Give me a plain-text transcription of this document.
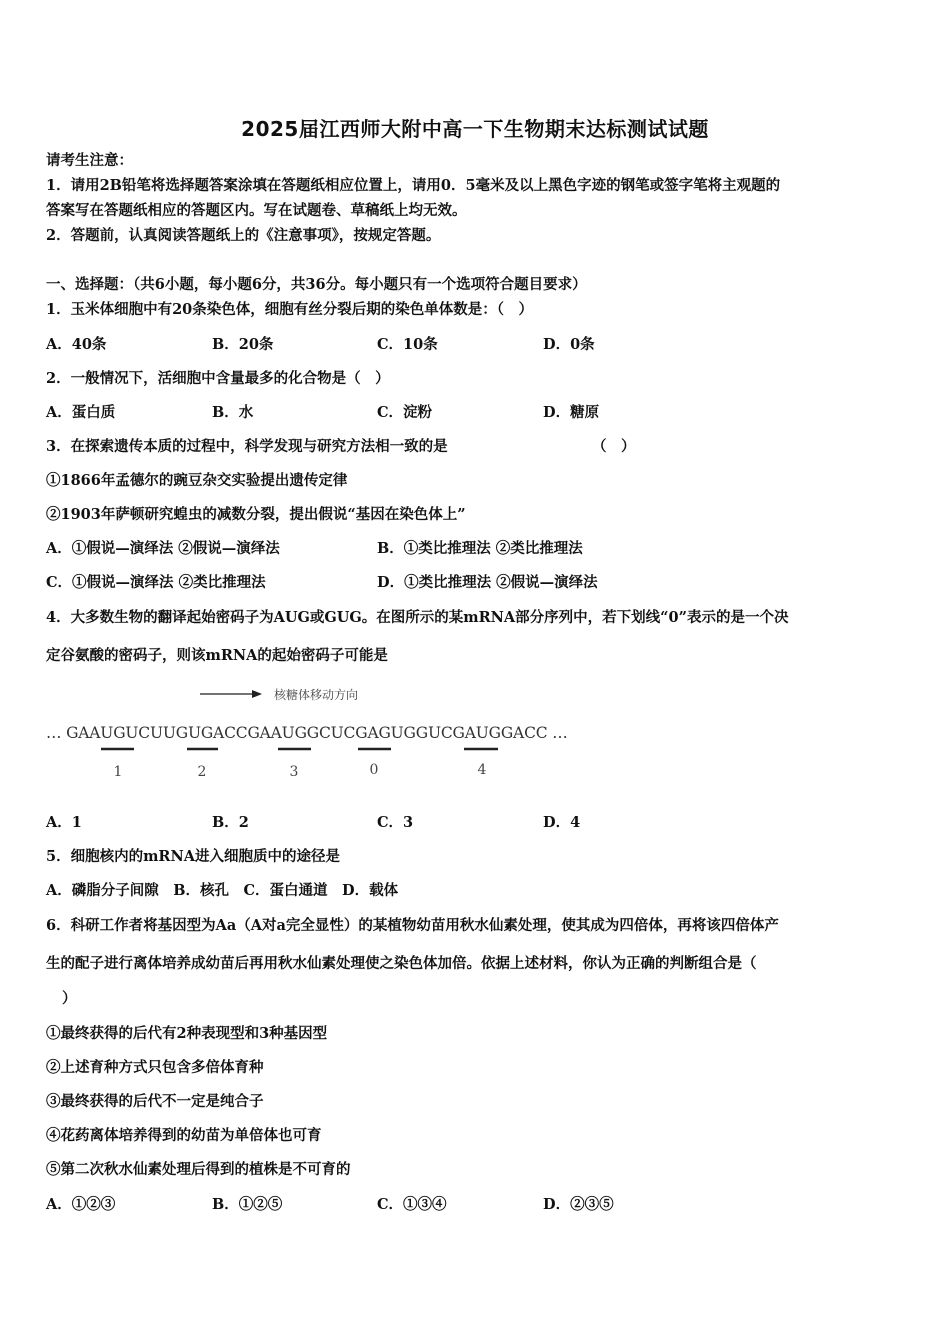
2025届江西师大附中高一下生物期末达标测试试题
请考生注意：
1．请用2B铅笔将选择题答案涂填在答题纸相应位置上，请用0．5毫米及以上黑色字迹的钢笔或签字笔将主观题的
答案写在答题纸相应的答题区内。写在试题卷、草稿纸上均无效。
2．答题前，认真阅读答题纸上的《注意事项》，按规定答题。
一、选择题：（共6小题，每小题6分，共36分。每小题只有一个选项符合题目要求）
1．玉米体细胞中有20条染色体，细胞有丝分裂后期的染色单体数是：（　）
A．40条	B．20条	C．10条	D．0条
2．一般情况下，活细胞中含量最多的化合物是（　）
A．蛋白质	B．水	C．淀粉	D．糖原
3．在探索遗传本质的过程中，科学发现与研究方法相一致的是	（　）
①1866年孟德尔的豌豆杂交实验提出遗传定律
②1903年萨顿研究蝗虫的减数分裂，提出假说“基因在染色体上”
A．①假说—演绎法 ②假说—演绎法	B．①类比推理法 ②类比推理法
C．①假说—演绎法 ②类比推理法	D．①类比推理法 ②假说—演绎法
4．大多数生物的翻译起始密码子为AUG或GUG。在图所示的某mRNA部分序列中，若下划线“0”表示的是一个决
定谷氨酸的密码子，则该mRNA的起始密码子可能是
核糖体移动方向
… GAAUGUCUUGUGACCGAAUGGCUCGAGUGGUCGAUGGACC …
1	2	3	0	4
A．1	B．2	C．3	D．4
5．细胞核内的mRNA进入细胞质中的途径是
A．磷脂分子间隙　B．核孔　C．蛋白通道　D．载体
6．科研工作者将基因型为Aa（A对a完全显性）的某植物幼苗用秋水仙素处理，使其成为四倍体，再将该四倍体产
生的配子进行离体培养成幼苗后再用秋水仙素处理使之染色体加倍。依据上述材料，你认为正确的判断组合是（
）
①最终获得的后代有2种表现型和3种基因型
②上述育种方式只包含多倍体育种
③最终获得的后代不一定是纯合子
④花药离体培养得到的幼苗为单倍体也可育
⑤第二次秋水仙素处理后得到的植株是不可育的
A．①②③	B．①②⑤	C．①③④	D．②③⑤
